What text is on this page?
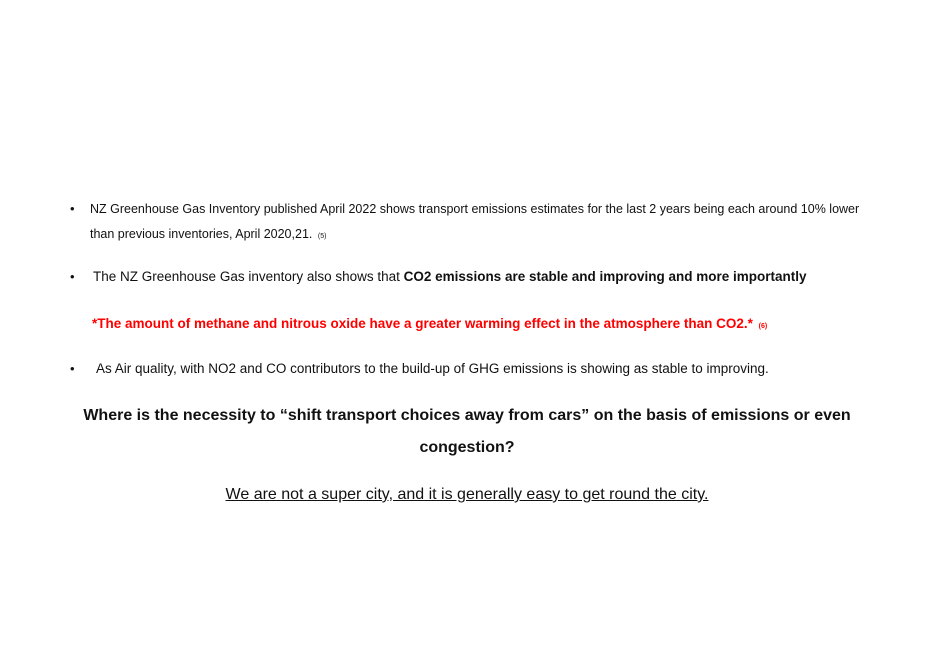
• NZ Greenhouse Gas Inventory published April 2022 shows transport emissions estimates for the last 2 years being each around 10% lower
than previous inventories, April 2020,21. (5)
• The NZ Greenhouse Gas inventory also shows that CO2 emissions are stable and improving and more importantly
*The amount of methane and nitrous oxide have a greater warming effect in the atmosphere than CO2.* (6)
• As Air quality, with NO2 and CO contributors to the build-up of GHG emissions is showing as stable to improving.
Where is the necessity to “shift transport choices away from cars” on the basis of emissions or even congestion?
We are not a super city, and it is generally easy to get round the city.
